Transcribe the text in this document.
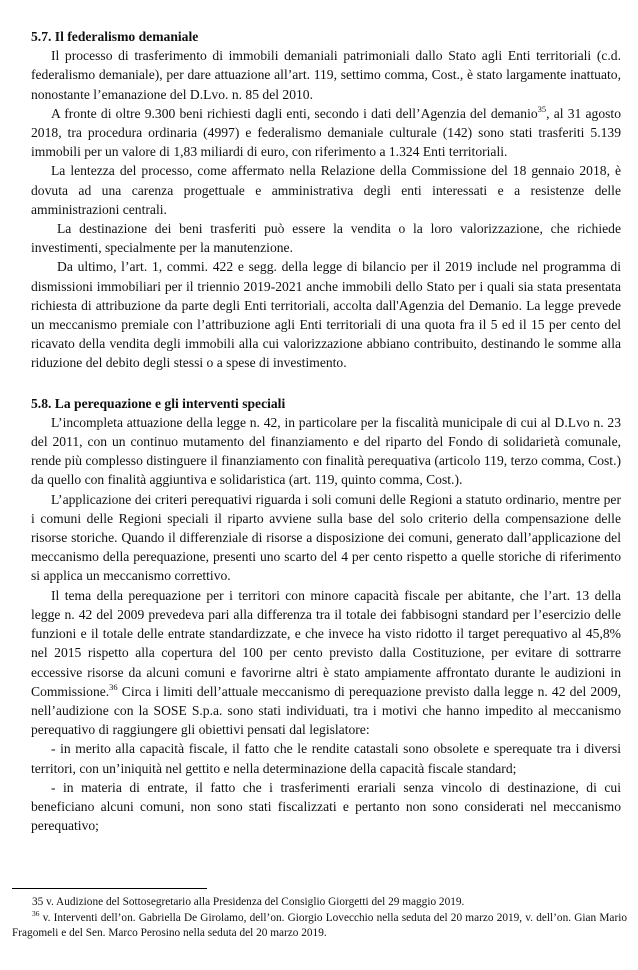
5.7. Il federalismo demaniale

Il processo di trasferimento di immobili demaniali patrimoniali dallo Stato agli Enti territoriali (c.d. federalismo demaniale), per dare attuazione all’art. 119, settimo comma, Cost., è stato largamente inattuato, nonostante l’emanazione del D.Lvo. n. 85 del 2010.

A fronte di oltre 9.300 beni richiesti dagli enti, secondo i dati dell’Agenzia del demanio$^{35}$, al 31 agosto 2018, tra procedura ordinaria (4997) e federalismo demaniale culturale (142) sono stati trasferiti 5.139 immobili per un valore di 1,83 miliardi di euro, con riferimento a 1.324 Enti territoriali.

La lentezza del processo, come affermato nella Relazione della Commissione del 18 gennaio 2018, è dovuta ad una carenza progettuale e amministrativa degli enti interessati e a resistenze delle amministrazioni centrali.

La destinazione dei beni trasferiti può essere la vendita o la loro valorizzazione, che richiede investimenti, specialmente per la manutenzione.

Da ultimo, l’art. 1, commi. 422 e segg. della legge di bilancio per il 2019 include nel programma di dismissioni immobiliari per il triennio 2019-2021 anche immobili dello Stato per i quali sia stata presentata richiesta di attribuzione da parte degli Enti territoriali, accolta dall'Agenzia del Demanio. La legge prevede un meccanismo premiale con l’attribuzione agli Enti territoriali di una quota fra il 5 ed il 15 per cento del ricavato della vendita degli immobili alla cui valorizzazione abbiano contribuito, destinando le somme alla riduzione del debito degli stessi o a spese di investimento.

5.8. La perequazione e gli interventi speciali

L’incompleta attuazione della legge n. 42, in particolare per la fiscalità municipale di cui al D.Lvo n. 23 del 2011, con un continuo mutamento del finanziamento e del riparto del Fondo di solidarietà comunale, rende più complesso distinguere il finanziamento con finalità perequativa (articolo 119, terzo comma, Cost.) da quello con finalità aggiuntiva e solidaristica (art. 119, quinto comma, Cost.).

L’applicazione dei criteri perequativi riguarda i soli comuni delle Regioni a statuto ordinario, mentre per i comuni delle Regioni speciali il riparto avviene sulla base del solo criterio della compensazione delle risorse storiche. Quando il differenziale di risorse a disposizione dei comuni, generato dall’applicazione del meccanismo della perequazione, presenti uno scarto del 4 per cento rispetto a quelle storiche di riferimento si applica un meccanismo correttivo.

Il tema della perequazione per i territori con minore capacità fiscale per abitante, che l’art. 13 della legge n. 42 del 2009 prevedeva pari alla differenza tra il totale dei fabbisogni standard per l’esercizio delle funzioni e il totale delle entrate standardizzate, e che invece ha visto ridotto il target perequativo al 45,8% nel 2015 rispetto alla copertura del 100 per cento previsto dalla Costituzione, per evitare di sottrarre eccessive risorse da alcuni comuni e favorirne altri è stato ampiamente affrontato durante le audizioni in Commissione.$^{36}$ Circa i limiti dell’attuale meccanismo di perequazione previsto dalla legge n. 42 del 2009, nell’audizione con la SOSE S.p.a. sono stati individuati, tra i motivi che hanno impedito al meccanismo perequativo di raggiungere gli obiettivi pensati dal legislatore:

- in merito alla capacità fiscale, il fatto che le rendite catastali sono obsolete e sperequate tra i diversi territori, con un’iniquità nel gettito e nella determinazione della capacità fiscale standard;

- in materia di entrate, il fatto che i trasferimenti erariali senza vincolo di destinazione, di cui beneficiano alcuni comuni, non sono stati fiscalizzati e pertanto non sono considerati nel meccanismo perequativo;

35 v. Audizione del Sottosegretario alla Presidenza del Consiglio Giorgetti del 29 maggio 2019.

$^{36}$ v. Interventi dell’on. Gabriella De Girolamo, dell’on. Giorgio Lovecchio nella seduta del 20 marzo 2019, v. dell’on. Gian Mario Fragomeli e del Sen. Marco Perosino nella seduta del 20 marzo 2019.
